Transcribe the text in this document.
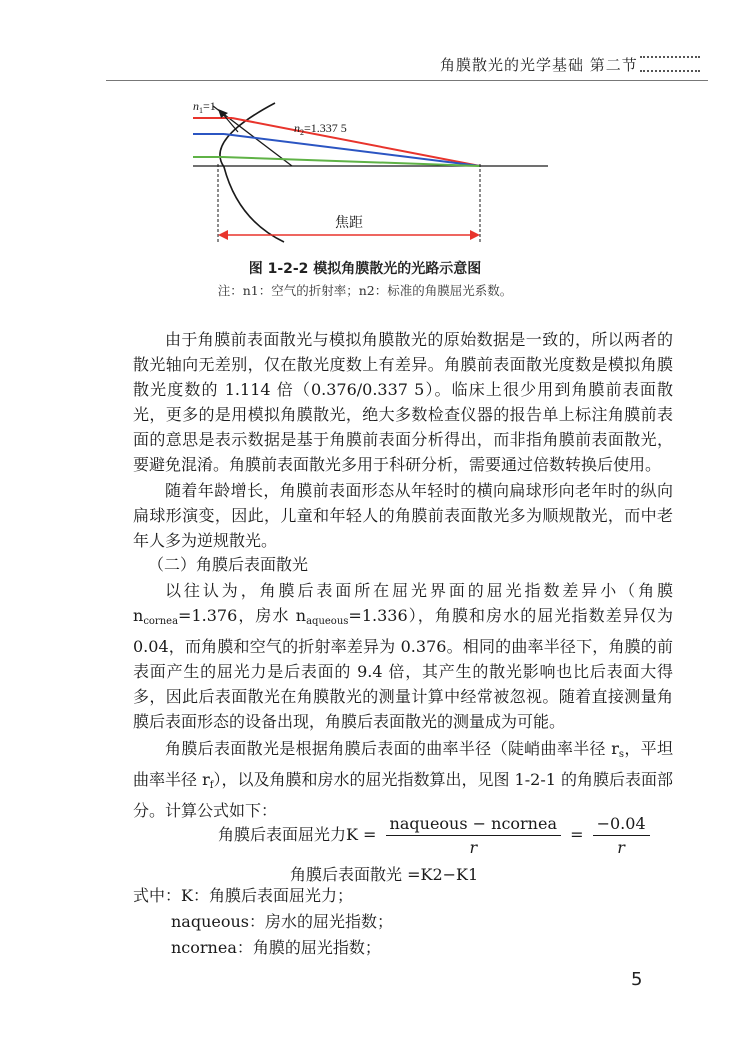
角膜散光的光学基础 第二节
$n_1=1$
$n_2=1.337$ 5
焦距
图 1-2-2 模拟角膜散光的光路示意图
注：n1：空气的折射率；n2：标准的角膜屈光系数。

由于角膜前表面散光与模拟角膜散光的原始数据是一致的，所以两者的散光轴向无差别，仅在散光度数上有差异。角膜前表面散光度数是模拟角膜散光度数的 1.114 倍（0.376/0.337 5）。临床上很少用到角膜前表面散光，更多的是用模拟角膜散光，绝大多数检查仪器的报告单上标注角膜前表面的意思是表示数据是基于角膜前表面分析得出，而非指角膜前表面散光，要避免混淆。角膜前表面散光多用于科研分析，需要通过倍数转换后使用。

随着年龄增长，角膜前表面形态从年轻时的横向扁球形向老年时的纵向扁球形演变，因此，儿童和年轻人的角膜前表面散光多为顺规散光，而中老年人多为逆规散光。

（二）角膜后表面散光

以往认为，角膜后表面所在屈光界面的屈光指数差异小（角膜 $n_{cornea}=1.376$，房水 $n_{aqueous}=1.336$），角膜和房水的屈光指数差异仅为 0.04，而角膜和空气的折射率差异为 0.376。相同的曲率半径下，角膜的前表面产生的屈光力是后表面的 9.4 倍，其产生的散光影响也比后表面大得多，因此后表面散光在角膜散光的测量计算中经常被忽视。随着直接测量角膜后表面形态的设备出现，角膜后表面散光的测量成为可能。

角膜后表面散光是根据角膜后表面的曲率半径（陡峭曲率半径 $r_s$，平坦曲率半径 $r_f$），以及角膜和房水的屈光指数算出，见图 1-2-1 的角膜后表面部分。计算公式如下：

角膜后表面屈光力$K = \frac{\text{naqueous − ncornea}}{r} = \frac{-0.04}{r}$
角膜后表面散光 =K2−K1
式中：K：角膜后表面屈光力；
naqueous：房水的屈光指数；
ncornea：角膜的屈光指数；
5
